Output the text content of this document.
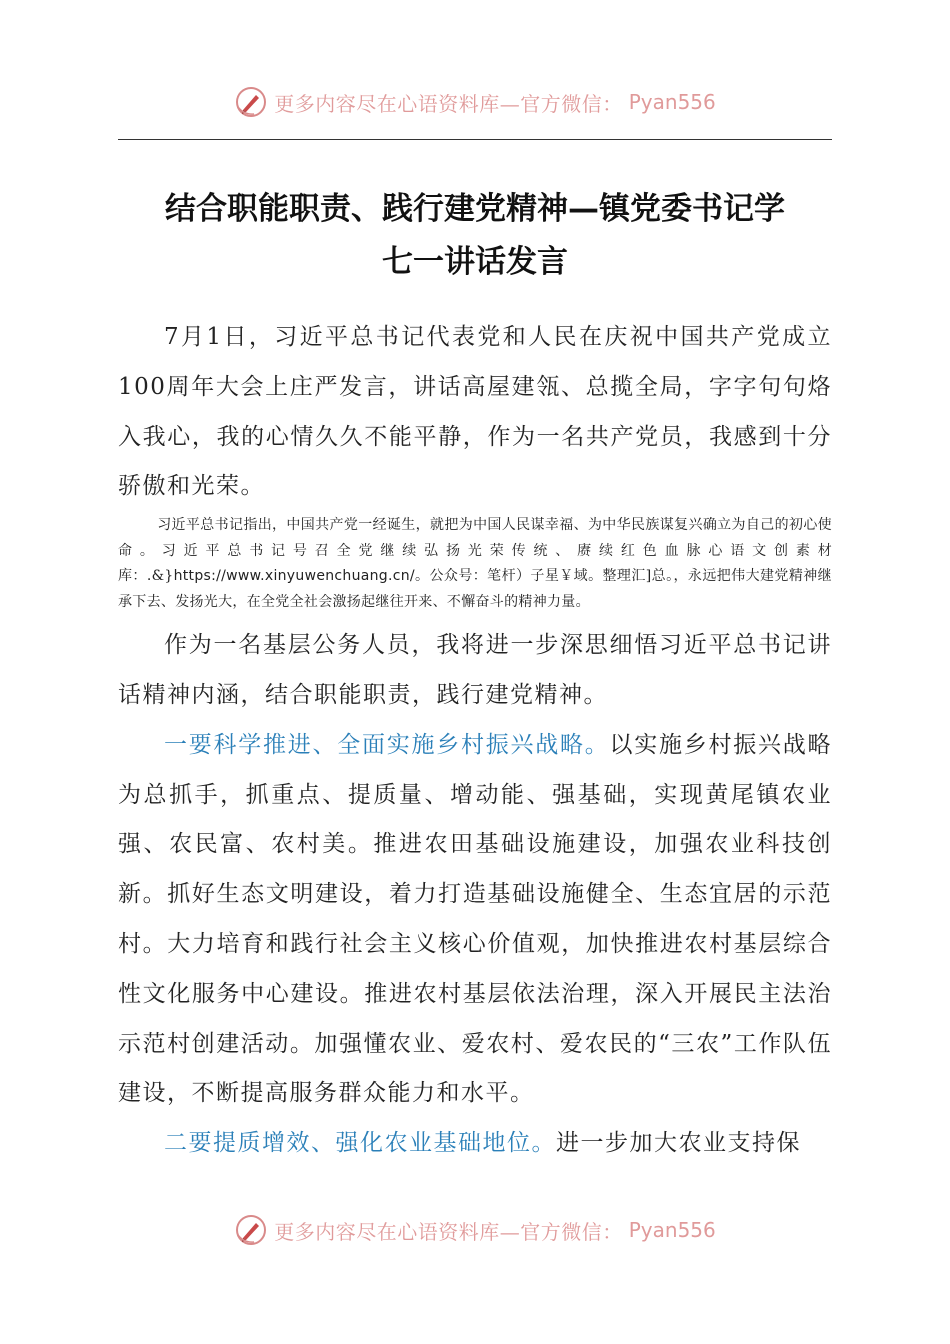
更多内容尽在心语资料库—官方微信： Pyan556
结合职能职责、践行建党精神—镇党委书记学
七一讲话发言

7月1日，习近平总书记代表党和人民在庆祝中国共产党成立100周年大会上庄严发言，讲话高屋建瓴、总揽全局，字字句句烙入我心，我的心情久久不能平静，作为一名共产党员，我感到十分骄傲和光荣。

习近平总书记指出，中国共产党一经诞生，就把为中国人民谋幸福、为中华民族谋复兴确立为自己的初心使命。习近平总书记号召全党继续弘扬光荣传统、赓续红色血脉心语文创素材库：.&}https://www.xinyuwenchuang.cn/。公众号：笔杆）子星￥域。整理汇]总。，永远把伟大建党精神继承下去、发扬光大，在全党全社会激扬起继往开来、不懈奋斗的精神力量。

作为一名基层公务人员，我将进一步深思细悟习近平总书记讲话精神内涵，结合职能职责，践行建党精神。

一要科学推进、全面实施乡村振兴战略。以实施乡村振兴战略为总抓手，抓重点、提质量、增动能、强基础，实现黄尾镇农业强、农民富、农村美。推进农田基础设施建设，加强农业科技创新。抓好生态文明建设，着力打造基础设施健全、生态宜居的示范村。大力培育和践行社会主义核心价值观，加快推进农村基层综合性文化服务中心建设。推进农村基层依法治理，深入开展民主法治示范村创建活动。加强懂农业、爱农村、爱农民的“三农”工作队伍建设，不断提高服务群众能力和水平。

二要提质增效、强化农业基础地位。进一步加大农业支持保

更多内容尽在心语资料库—官方微信： Pyan556
